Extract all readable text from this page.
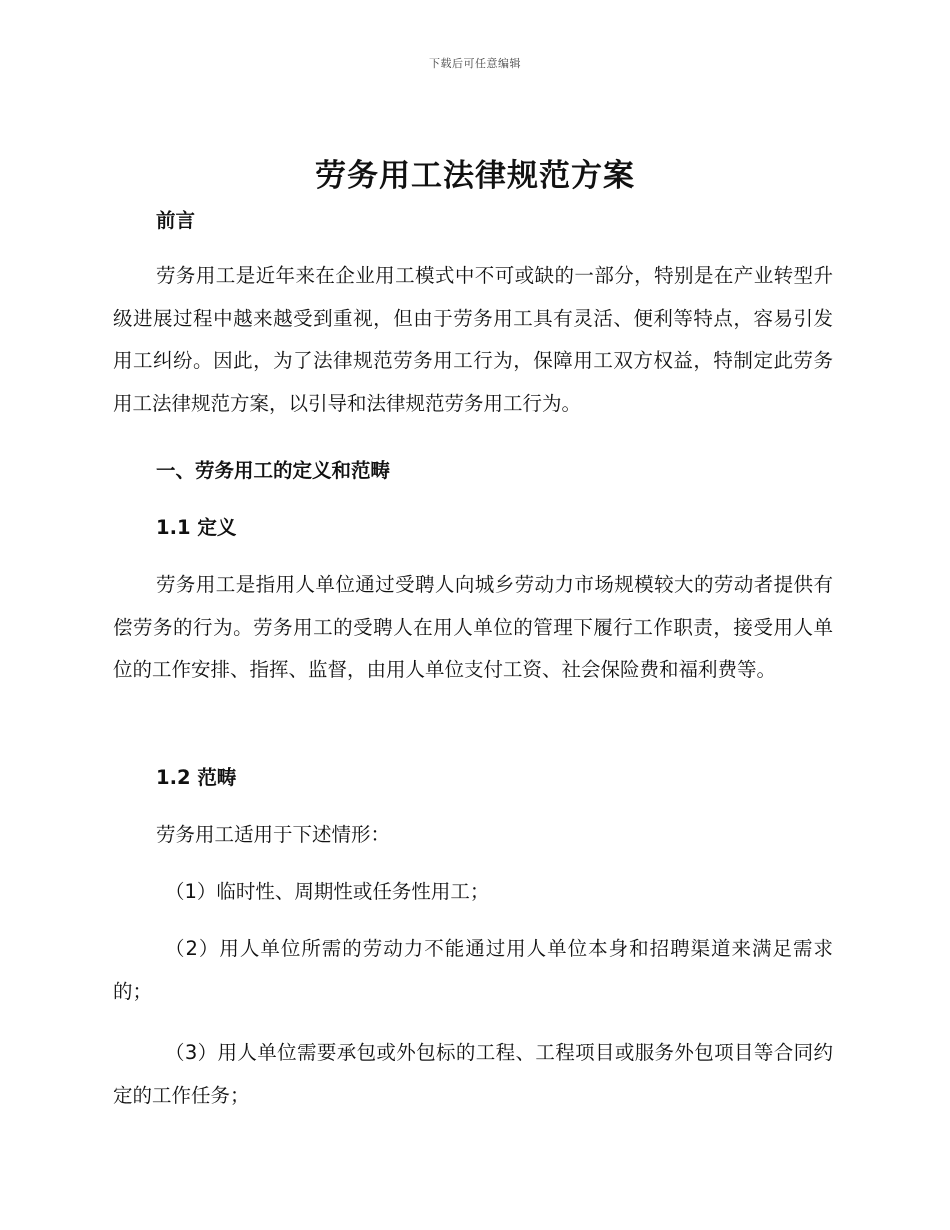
下载后可任意编辑
劳务用工法律规范方案

前言

劳务用工是近年来在企业用工模式中不可或缺的一部分，特别是在产业转型升级进展过程中越来越受到重视，但由于劳务用工具有灵活、便利等特点，容易引发用工纠纷。因此，为了法律规范劳务用工行为，保障用工双方权益，特制定此劳务用工法律规范方案，以引导和法律规范劳务用工行为。

一、劳务用工的定义和范畴

1.1 定义

劳务用工是指用人单位通过受聘人向城乡劳动力市场规模较大的劳动者提供有偿劳务的行为。劳务用工的受聘人在用人单位的管理下履行工作职责，接受用人单位的工作安排、指挥、监督，由用人单位支付工资、社会保险费和福利费等。

1.2 范畴

劳务用工适用于下述情形：

（1）临时性、周期性或任务性用工；

（2）用人单位所需的劳动力不能通过用人单位本身和招聘渠道来满足需求的；

（3）用人单位需要承包或外包标的工程、工程项目或服务外包项目等合同约定的工作任务；
